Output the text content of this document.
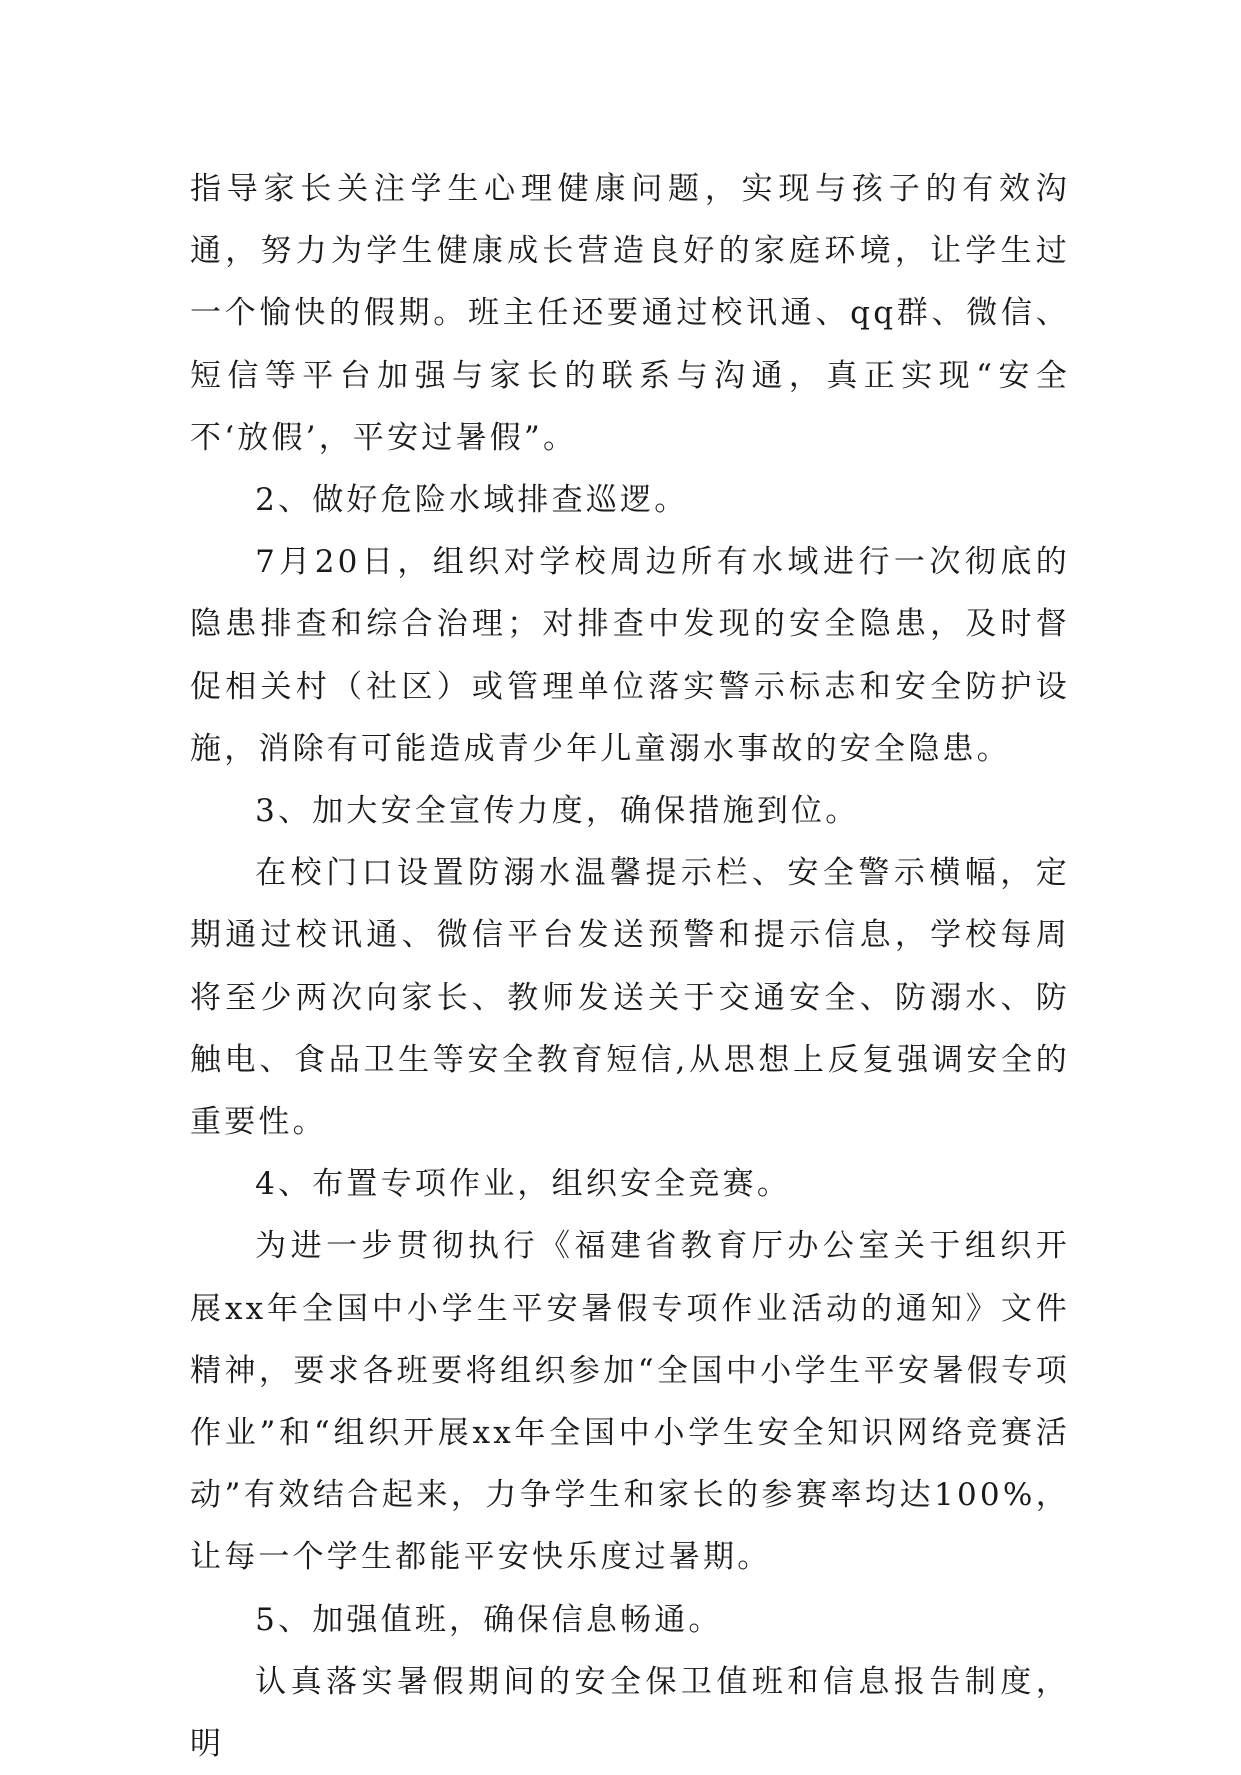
指导家长关注学生心理健康问题，实现与孩子的有效沟通，努力为学生健康成长营造良好的家庭环境，让学生过一个愉快的假期。班主任还要通过校讯通、qq群、微信、短信等平台加强与家长的联系与沟通，真正实现“安全不‘放假’，平安过暑假”。

2、做好危险水域排查巡逻。

7月20日，组织对学校周边所有水域进行一次彻底的隐患排查和综合治理；对排查中发现的安全隐患，及时督促相关村（社区）或管理单位落实警示标志和安全防护设施，消除有可能造成青少年儿童溺水事故的安全隐患。

3、加大安全宣传力度，确保措施到位。

在校门口设置防溺水温馨提示栏、安全警示横幅，定期通过校讯通、微信平台发送预警和提示信息，学校每周将至少两次向家长、教师发送关于交通安全、防溺水、防触电、食品卫生等安全教育短信,从思想上反复强调安全的重要性。

4、布置专项作业，组织安全竞赛。

为进一步贯彻执行《福建省教育厅办公室关于组织开展xx年全国中小学生平安暑假专项作业活动的通知》文件精神，要求各班要将组织参加“全国中小学生平安暑假专项作业”和“组织开展xx年全国中小学生安全知识网络竞赛活动”有效结合起来，力争学生和家长的参赛率均达100%，让每一个学生都能平安快乐度过暑期。

5、加强值班，确保信息畅通。

认真落实暑假期间的安全保卫值班和信息报告制度，明
